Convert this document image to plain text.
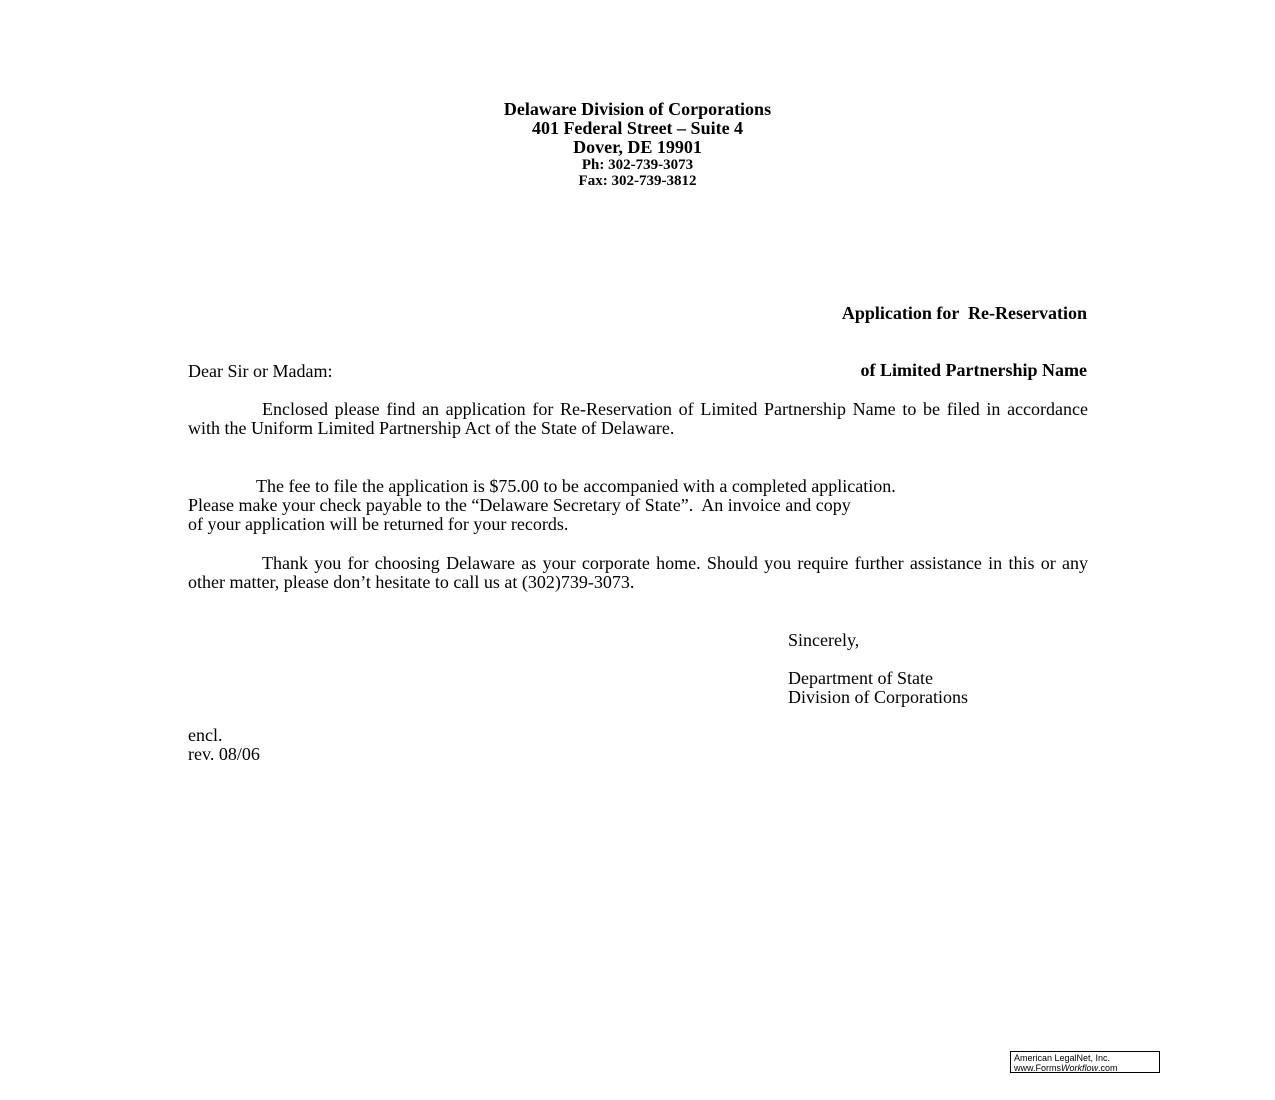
Delaware Division of Corporations
401 Federal Street – Suite 4
Dover, DE 19901
Ph: 302-739-3073
Fax: 302-739-3812

Application for  Re-Reservation

of Limited Partnership Name

Dear Sir or Madam:
Enclosed please find an application for Re-Reservation of Limited Partnership Name to be filed in accordance with the Uniform Limited Partnership Act of the State of Delaware.
The fee to file the application is $75.00 to be accompanied with a completed application.
Please make your check payable to the “Delaware Secretary of State”.  An invoice and copy
of your application will be returned for your records.
Thank you for choosing Delaware as your corporate home. Should you require further assistance in this or any other matter, please don’t hesitate to call us at (302)739-3073.
Sincerely,
Department of State
Division of Corporations
encl.
rev. 08/06
American LegalNet, Inc.
www.FormsWorkflow.com
